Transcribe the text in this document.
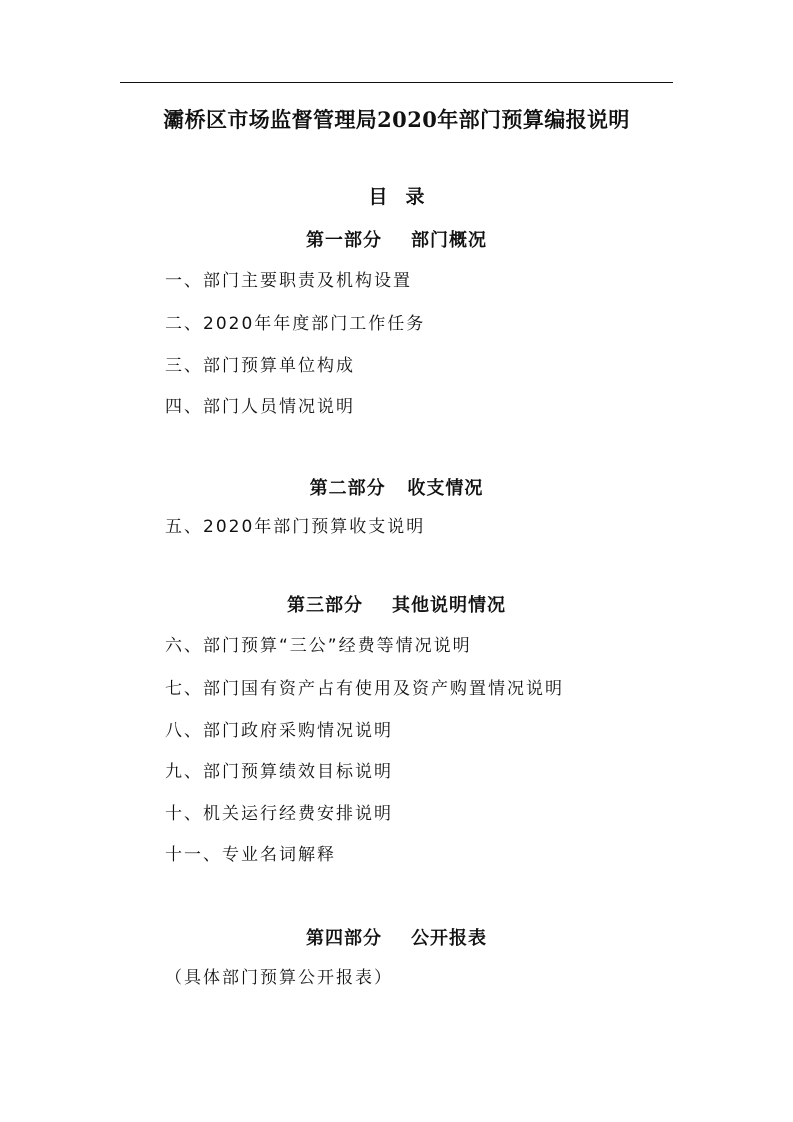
灞桥区市场监督管理局2020年部门预算编报说明
目录
第一部分    部门概况
一、部门主要职责及机构设置
二、2020年年度部门工作任务
三、部门预算单位构成
四、部门人员情况说明
第二部分   收支情况
五、2020年部门预算收支说明
第三部分    其他说明情况
六、部门预算“三公”经费等情况说明
七、部门国有资产占有使用及资产购置情况说明
八、部门政府采购情况说明
九、部门预算绩效目标说明
十、机关运行经费安排说明
十一、专业名词解释
第四部分    公开报表
（具体部门预算公开报表）
